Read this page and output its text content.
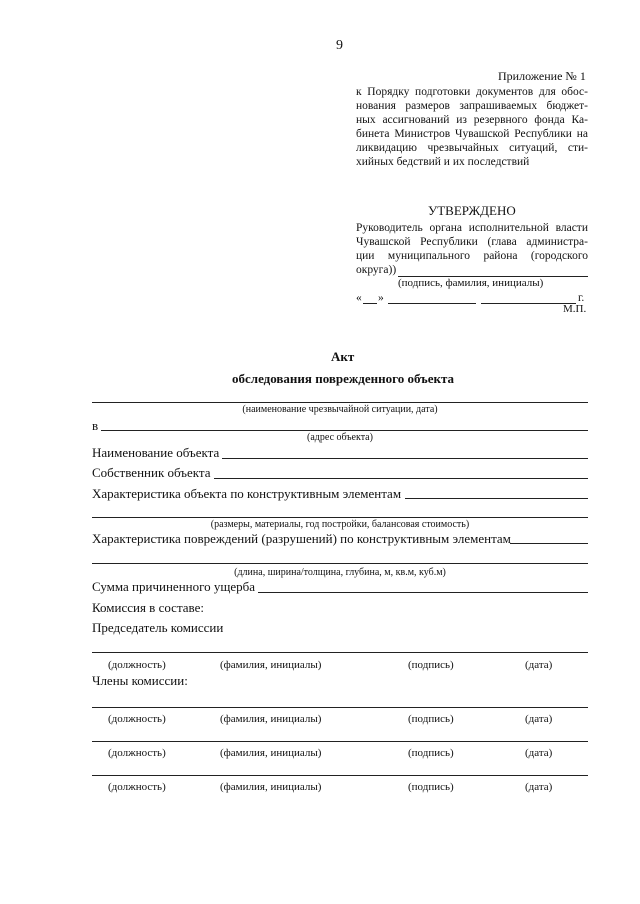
9
Приложение № 1
к Порядку подготовки документов для обос-
нования размеров запрашиваемых бюджет-
ных ассигнований из резервного фонда Ка-
бинета Министров Чувашской Республики на
ликвидацию чрезвычайных ситуаций, сти-
хийных бедствий и их последствий
УТВЕРЖДЕНО
Руководитель органа исполнительной власти
Чувашской Республики (глава администра-
ции муниципального района (городского
округа))
(подпись, фамилия, инициалы)
« »	г.
М.П.
Акт
обследования поврежденного объекта
(наименование чрезвычайной ситуации, дата)
в
(адрес объекта)
Наименование объекта
Собственник объекта
Характеристика объекта по конструктивным элементам
(размеры, материалы, год постройки, балансовая стоимость)
Характеристика повреждений (разрушений) по конструктивным элементам
(длина, ширина/толщина, глубина, м, кв.м, куб.м)
Сумма причиненного ущерба
Комиссия в составе:
Председатель комиссии
(должность)	(фамилия, инициалы)	(подпись)	(дата)
Члены комиссии:
(должность)	(фамилия, инициалы)	(подпись)	(дата)
(должность)	(фамилия, инициалы)	(подпись)	(дата)
(должность)	(фамилия, инициалы)	(подпись)	(дата)
